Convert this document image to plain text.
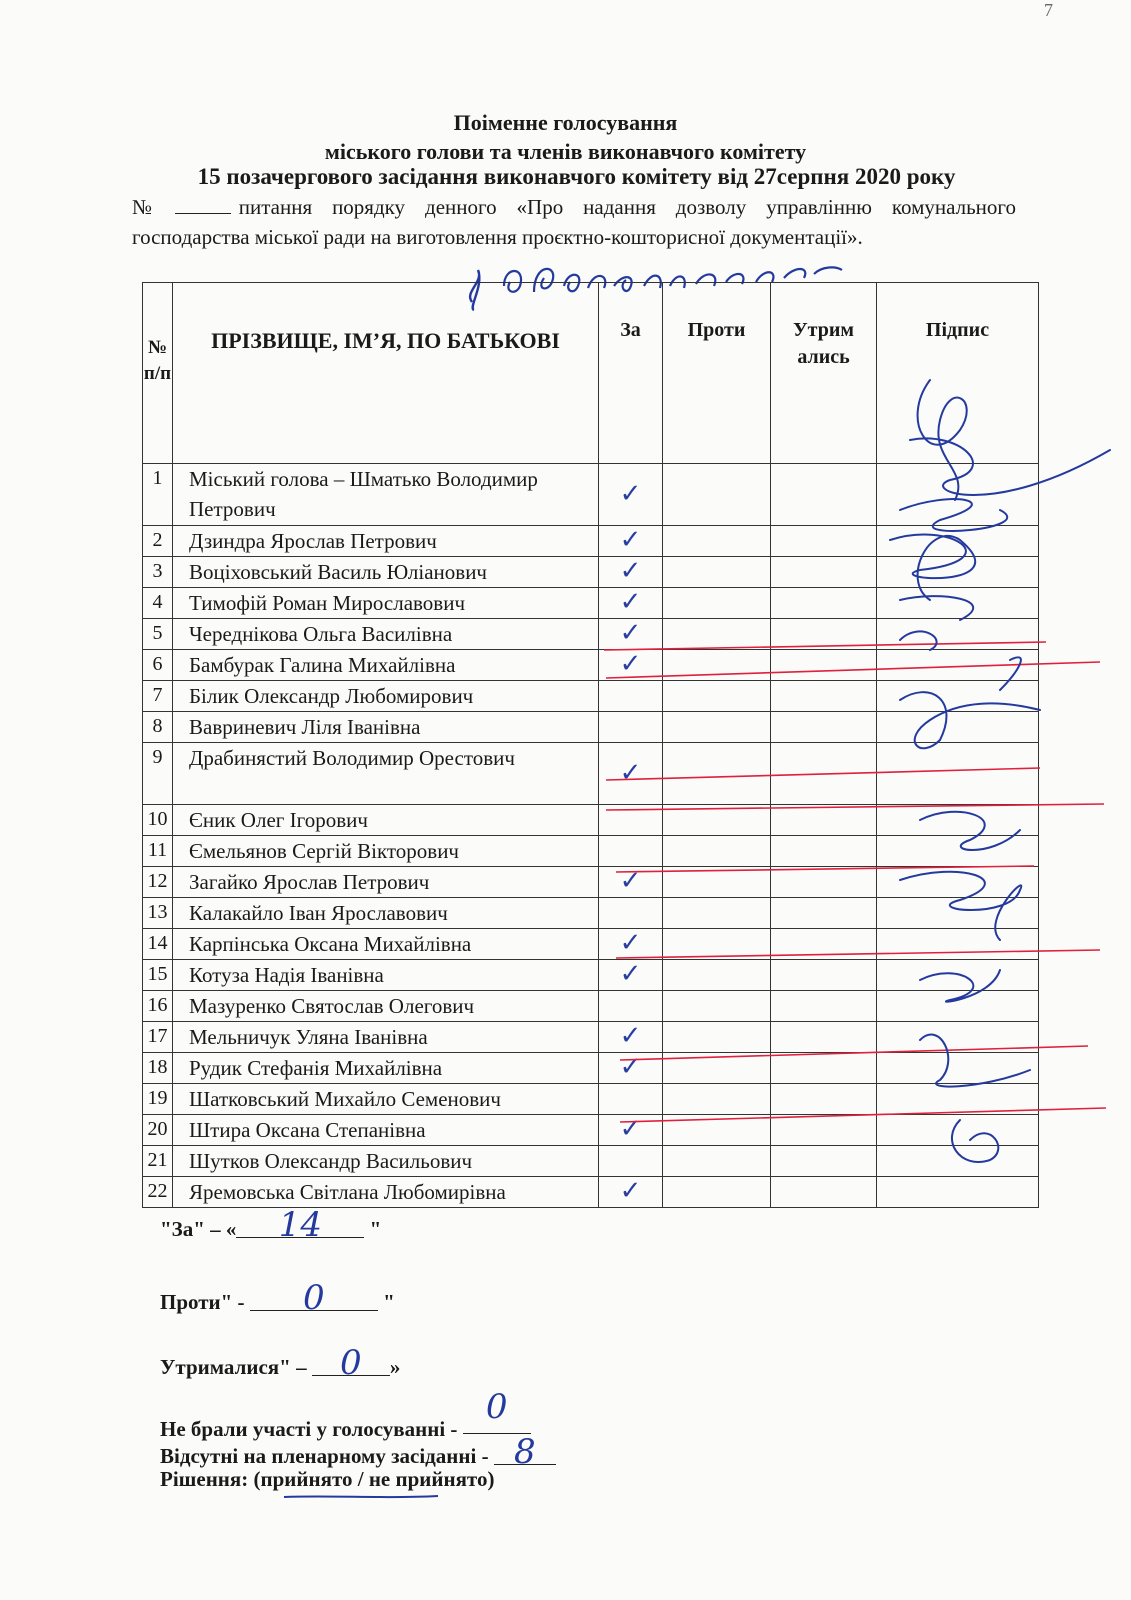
7
Поіменне голосування
міського голови та членів виконавчого комітету
15 позачергового засідання виконавчого комітету від 27серпня 2020 року
№	питання порядку денного «Про надання дозволу управлінню комунального господарства міської ради на виготовлення проєктно-кошторисної документації».
№ п/п	ПРІЗВИЩЕ, ІМ’Я, ПО БАТЬКОВІ	За	Проти	Утрим ались	Підпис
1	Міський голова – Шматько Володимир Петрович	✓			
2	Дзиндра Ярослав Петрович	✓			
3	Воціховський Василь Юліанович	✓			
4	Тимофій Роман Мирославович	✓			
5	Череднікова Ольга Василівна	✓			
6	Бамбурак Галина Михайлівна	✓			
7	Білик Олександр Любомирович				
8	Вавриневич Ліля Іванівна				
9	Драбинястий Володимир Орестович	✓			
10	Єник Олег Ігорович				
11	Ємельянов Сергій Вікторович				
12	Загайко Ярослав Петрович	✓			
13	Калакайло Іван Ярославович				
14	Карпінська Оксана Михайлівна	✓			
15	Котуза Надія Іванівна	✓			
16	Мазуренко Святослав Олегович				
17	Мельничук Уляна Іванівна	✓			
18	Рудик Стефанія Михайлівна	✓			
19	Шатковський Михайло Семенович				
20	Штира Оксана Степанівна	✓			
21	Шутков Олександр Васильович				
22	Яремовська Світлана Любомирівна	✓			
"За" – « 14 "
Проти" - 0	"
Утрималися" – 0 »
Не брали участі у голосуванні - 0
Відсутні на пленарному засіданні - 8
Рішення: (прийнято / не прийнято)
